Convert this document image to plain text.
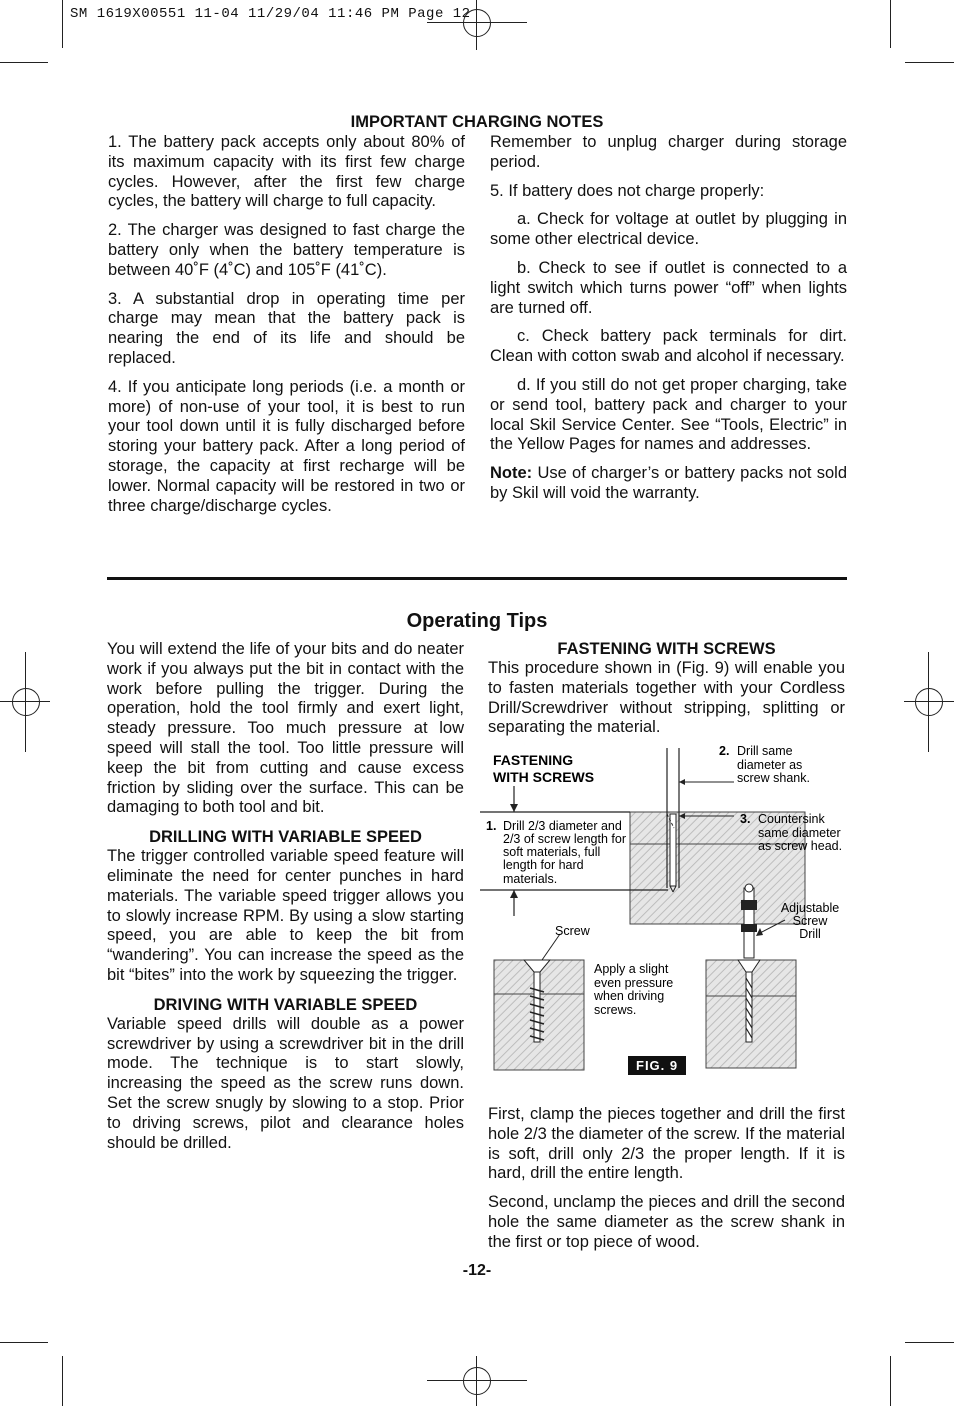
SM 1619X00551 11-04 11/29/04 11:46 PM Page 12
IMPORTANT CHARGING NOTES

1. The battery pack accepts only about 80% of its maximum capacity with its first few charge cycles. However, after the first few charge cycles, the battery will charge to full capacity.

2. The charger was designed to fast charge the battery only when the battery temperature is between 40˚F (4˚C) and 105˚F (41˚C).

3. A substantial drop in operating time per charge may mean that the battery pack is nearing the end of its life and should be replaced.

4. If you anticipate long periods (i.e. a month or more) of non-use of your tool, it is best to run your tool down until it is fully discharged before storing your battery pack. After a long period of storage, the capacity at first recharge will be lower. Normal capacity will be restored in two or three charge/discharge cycles.

Remember to unplug charger during storage period.

5. If battery does not charge properly:

a. Check for voltage at outlet by plugging in some other electrical device.

b. Check to see if outlet is connected to a light switch which turns power “off” when lights are turned off.

c. Check battery pack terminals for dirt. Clean with cotton swab and alcohol if necessary.

d. If you still do not get proper charging, take or send tool, battery pack and charger to your local Skil Service Center. See “Tools, Electric” in the Yellow Pages for names and addresses.

Note: Use of charger’s or battery packs not sold by Skil will void the warranty.

Operating Tips

You will extend the life of your bits and do neater work if you always put the bit in contact with the work before pulling the trigger. During the operation, hold the tool firmly and exert light, steady pressure. Too much pressure at low speed will stall the tool. Too little pressure will keep the bit from cutting and cause excess friction by sliding over the surface. This can be damaging to both tool and bit.

DRILLING WITH VARIABLE SPEED

The trigger controlled variable speed feature will eliminate the need for center punches in hard materials. The variable speed trigger allows you to slowly increase RPM. By using a slow starting speed, you are able to keep the bit from “wandering”. You can increase the speed as the bit “bites” into the work by squeezing the trigger.

DRIVING WITH VARIABLE SPEED

Variable speed drills will double as a power screwdriver by using a screwdriver bit in the drill mode. The technique is to start slowly, increasing the speed as the screw runs down. Set the screw snugly by slowing to a stop. Prior to driving screws, pilot and clearance holes should be drilled.

FASTENING WITH SCREWS

This procedure shown in (Fig. 9) will enable you to fasten materials together with your Cordless Drill/Screwdriver without stripping, splitting or separating the material.

First, clamp the pieces together and drill the first hole 2/3 the diameter of the screw. If the material is soft, drill only 2/3 the proper length. If it is hard, drill the entire length.

Second, unclamp the pieces and drill the second hole the same diameter as the screw shank in the first or top piece of wood.

FASTENING
WITH SCREWS
1. Drill 2/3 diameter and
2/3 of screw length for
soft materials, full
length for hard
materials.
2. Drill same
diameter as
screw shank.
3. Countersink
same diameter
as screw head.
Adjustable
Screw
Drill
Screw
Apply a slight
even pressure
when driving
screws.
FIG. 9
-12-
